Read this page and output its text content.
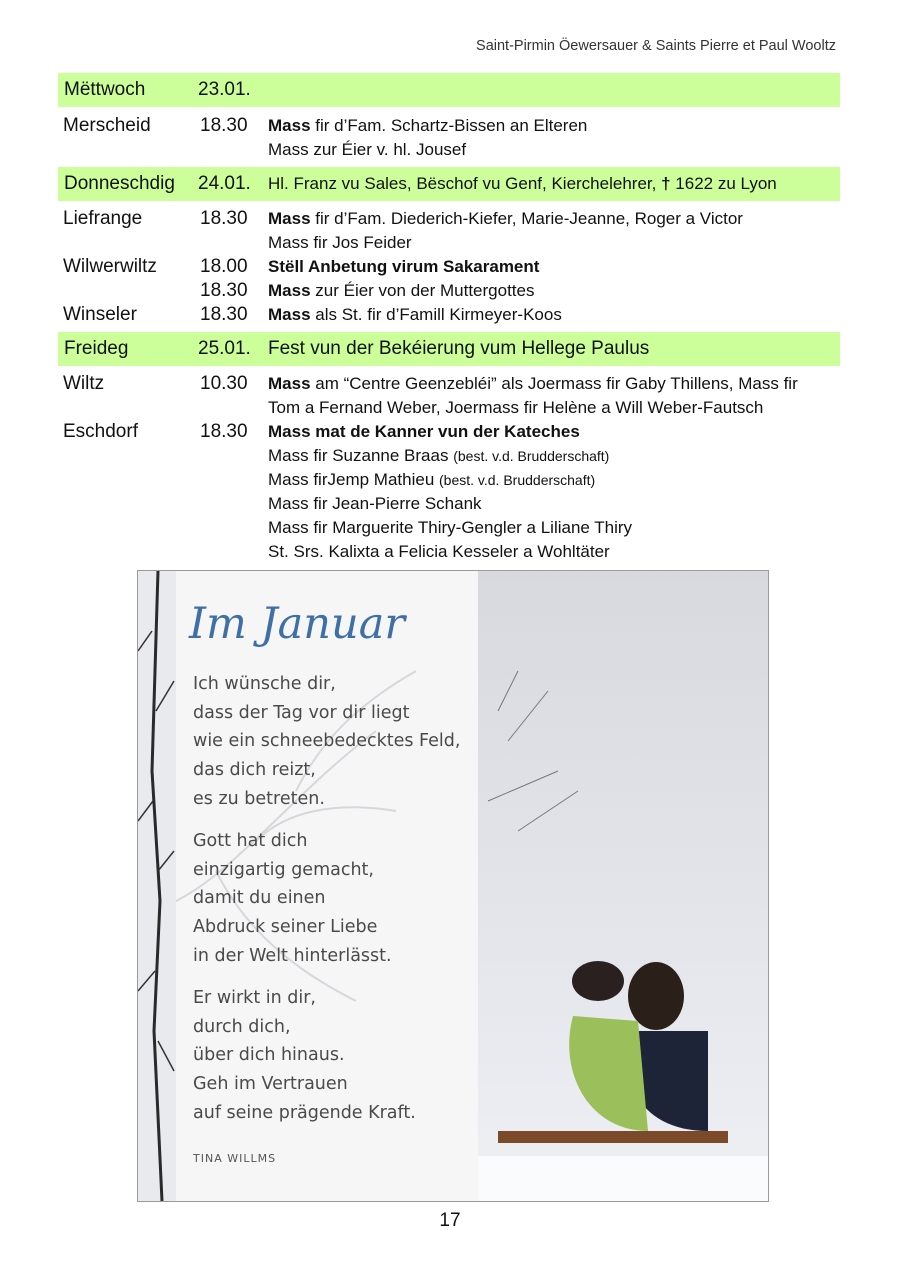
Saint-Pirmin Öewersauer & Saints Pierre et Paul Wooltz
Mëttwoch	23.01.
Merscheid	18.30 Mass fir d’Fam. Schartz-Bissen an Elteren
Mass zur Éier v. hl. Jousef
Donneschdig 24.01. Hl. Franz vu Sales, Bëschof vu Genf, Kierchelehrer, † 1622 zu Lyon
Liefrange	18.30 Mass fir d’Fam. Diederich-Kiefer, Marie-Jeanne, Roger a Victor
Mass fir Jos Feider
Wilwerwiltz 18.00 Stëll Anbetung virum Sakarament
18.30 Mass zur Éier von der Muttergottes
Winseler	18.30 Mass als St. fir d’Famill Kirmeyer-Koos
Freideg	25.01. Fest vun der Bekéierung vum Hellege Paulus
Wiltz	10.30 Mass am “Centre Geenzebléi” als Joermass fir Gaby Thillens, Mass fir
Tom a Fernand Weber, Joermass fir Helène a Will Weber-Fautsch
Eschdorf	18.30 Mass mat de Kanner vun der Kateches
Mass fir Suzanne Braas (best. v.d. Brudderschaft)
Mass firJemp Mathieu (best. v.d. Brudderschaft)
Mass fir Jean-Pierre Schank
Mass fir Marguerite Thiry-Gengler a Liliane Thiry
St. Srs. Kalixta a Felicia Kesseler a Wohltäter
Im Januar
Ich wünsche dir,
dass der Tag vor dir liegt
wie ein schneebedecktes Feld,
das dich reizt,
es zu betreten.
Gott hat dich
einzigartig gemacht,
damit du einen
Abdruck seiner Liebe
in der Welt hinterlässt.
Er wirkt in dir,
durch dich,
über dich hinaus.
Geh im Vertrauen
auf seine prägende Kraft.
TINA WILLMS
17
